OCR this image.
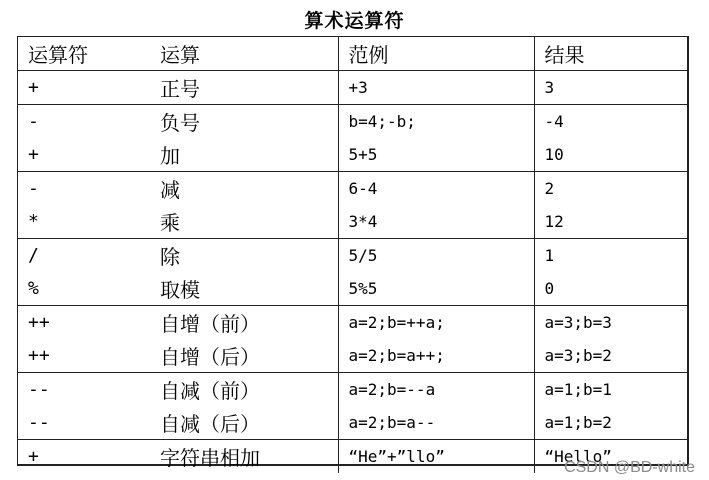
算术运算符
运算符	运算	范例	结果
+	正号	+3	3
-	负号	b=4;-b;	-4
+	加	5+5	10
-	减	6-4	2
*	乘	3*4	12
/	除	5/5	1
%	取模	5%5	0
++	自增（前）	a=2;b=++a;	a=3;b=3
++	自增（后）	a=2;b=a++;	a=3;b=2
--	自减（前）	a=2;b=--a	a=1;b=1
--	自减（后）	a=2;b=a--	a=1;b=2
+	字符串相加	“He”+”llo”	“Hello”
CSDN @BD-white
